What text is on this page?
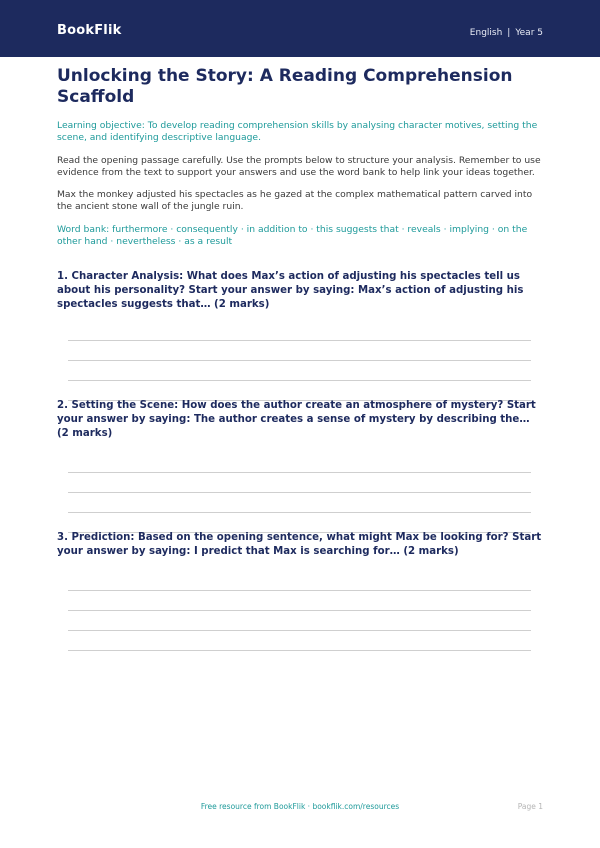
BookFlik	English | Year 5
Unlocking the Story: A Reading Comprehension Scaffold

Learning objective: To develop reading comprehension skills by analysing character motives, setting the scene, and identifying descriptive language.

Read the opening passage carefully. Use the prompts below to structure your analysis. Remember to use evidence from the text to support your answers and use the word bank to help link your ideas together.

Max the monkey adjusted his spectacles as he gazed at the complex mathematical pattern carved into the ancient stone wall of the jungle ruin.

Word bank: furthermore · consequently · in addition to · this suggests that · reveals · implying · on the other hand · nevertheless · as a result

1. Character Analysis: What does Max’s action of adjusting his spectacles tell us about his personality? Start your answer by saying: Max’s action of adjusting his spectacles suggests that… (2 marks)

2. Setting the Scene: How does the author create an atmosphere of mystery? Start your answer by saying: The author creates a sense of mystery by describing the… (2 marks)

3. Prediction: Based on the opening sentence, what might Max be looking for? Start your answer by saying: I predict that Max is searching for… (2 marks)

Free resource from BookFlik · bookflik.com/resources	Page 1
